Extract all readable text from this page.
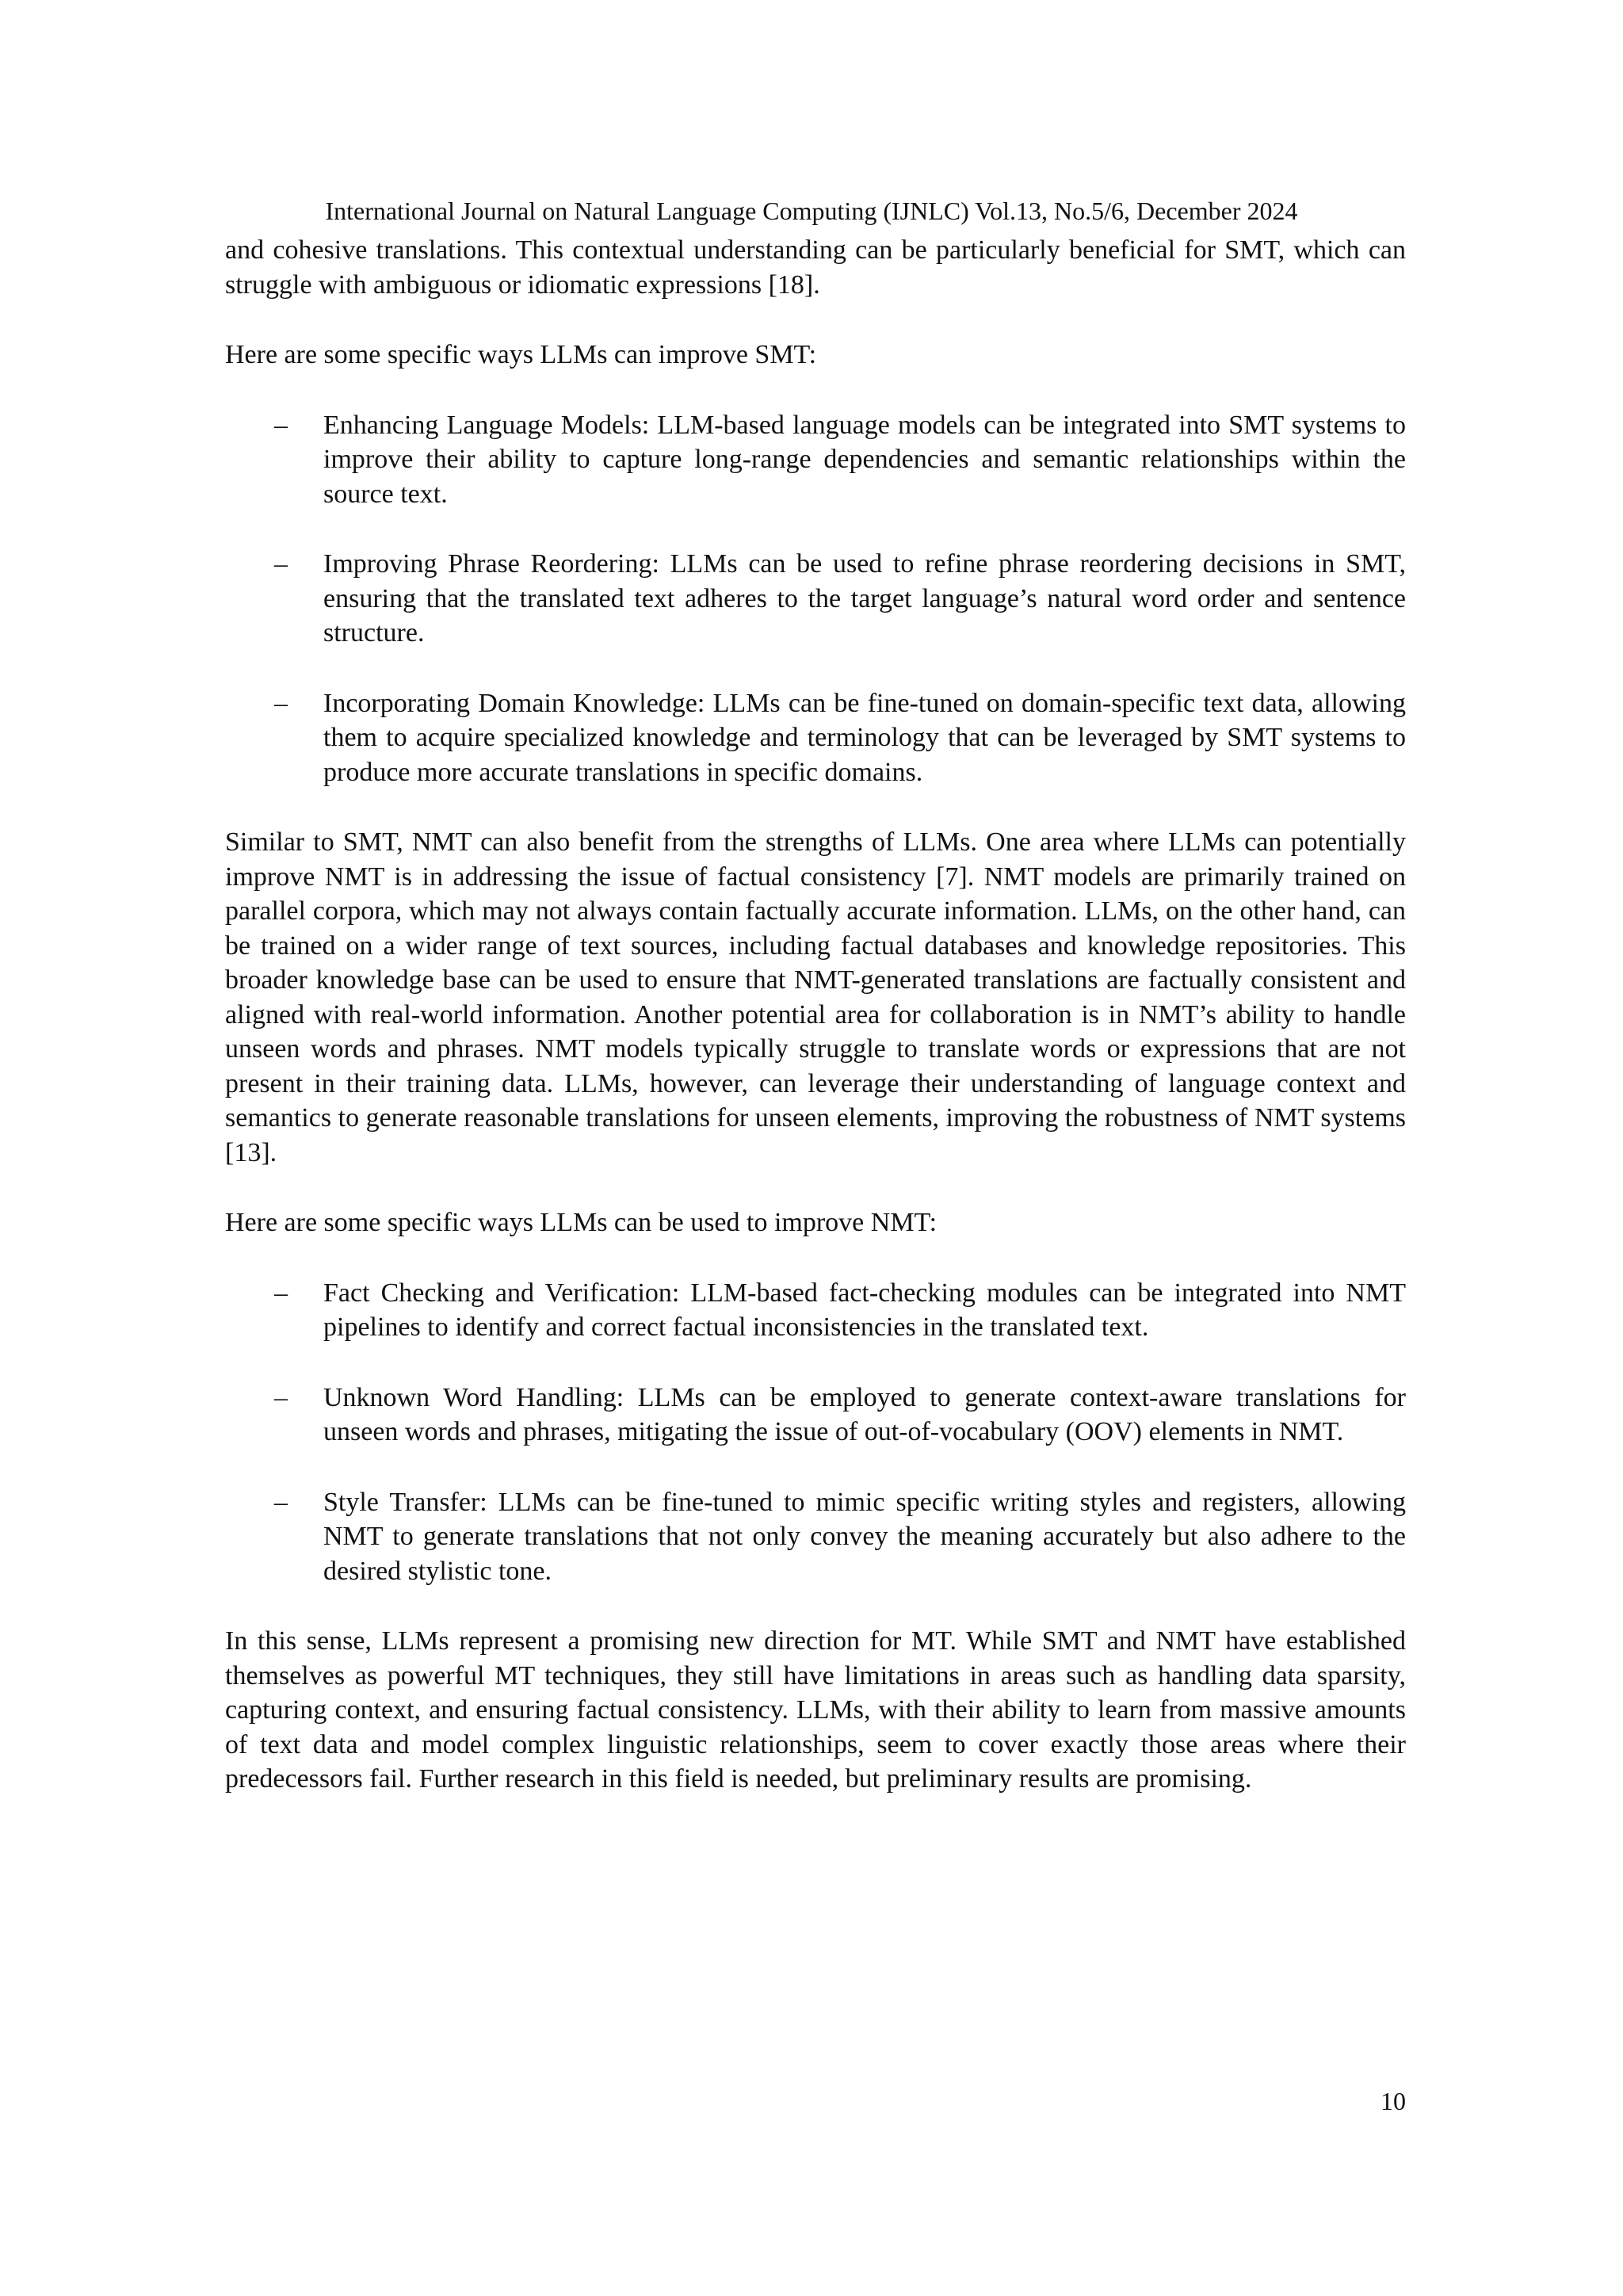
International Journal on Natural Language Computing (IJNLC) Vol.13, No.5/6, December 2024

and cohesive translations. This contextual understanding can be particularly beneficial for SMT, which can struggle with ambiguous or idiomatic expressions [18].

Here are some specific ways LLMs can improve SMT:

– Enhancing Language Models: LLM-based language models can be integrated into SMT systems to improve their ability to capture long-range dependencies and semantic relationships within the source text.
– Improving Phrase Reordering: LLMs can be used to refine phrase reordering decisions in SMT, ensuring that the translated text adheres to the target language’s natural word order and sentence structure.
– Incorporating Domain Knowledge: LLMs can be fine-tuned on domain-specific text data, allowing them to acquire specialized knowledge and terminology that can be leveraged by SMT systems to produce more accurate translations in specific domains.

Similar to SMT, NMT can also benefit from the strengths of LLMs. One area where LLMs can potentially improve NMT is in addressing the issue of factual consistency [7]. NMT models are primarily trained on parallel corpora, which may not always contain factually accurate information. LLMs, on the other hand, can be trained on a wider range of text sources, including factual databases and knowledge repositories. This broader knowledge base can be used to ensure that NMT-generated translations are factually consistent and aligned with real-world information. Another potential area for collaboration is in NMT’s ability to handle unseen words and phrases. NMT models typically struggle to translate words or expressions that are not present in their training data. LLMs, however, can leverage their understanding of language context and semantics to generate reasonable translations for unseen elements, improving the robustness of NMT systems [13].

Here are some specific ways LLMs can be used to improve NMT:

– Fact Checking and Verification: LLM-based fact-checking modules can be integrated into NMT pipelines to identify and correct factual inconsistencies in the translated text.
– Unknown Word Handling: LLMs can be employed to generate context-aware translations for unseen words and phrases, mitigating the issue of out-of-vocabulary (OOV) elements in NMT.
– Style Transfer: LLMs can be fine-tuned to mimic specific writing styles and registers, allowing NMT to generate translations that not only convey the meaning accurately but also adhere to the desired stylistic tone.

In this sense, LLMs represent a promising new direction for MT. While SMT and NMT have established themselves as powerful MT techniques, they still have limitations in areas such as handling data sparsity, capturing context, and ensuring factual consistency. LLMs, with their ability to learn from massive amounts of text data and model complex linguistic relationships, seem to cover exactly those areas where their predecessors fail. Further research in this field is needed, but preliminary results are promising.

10
